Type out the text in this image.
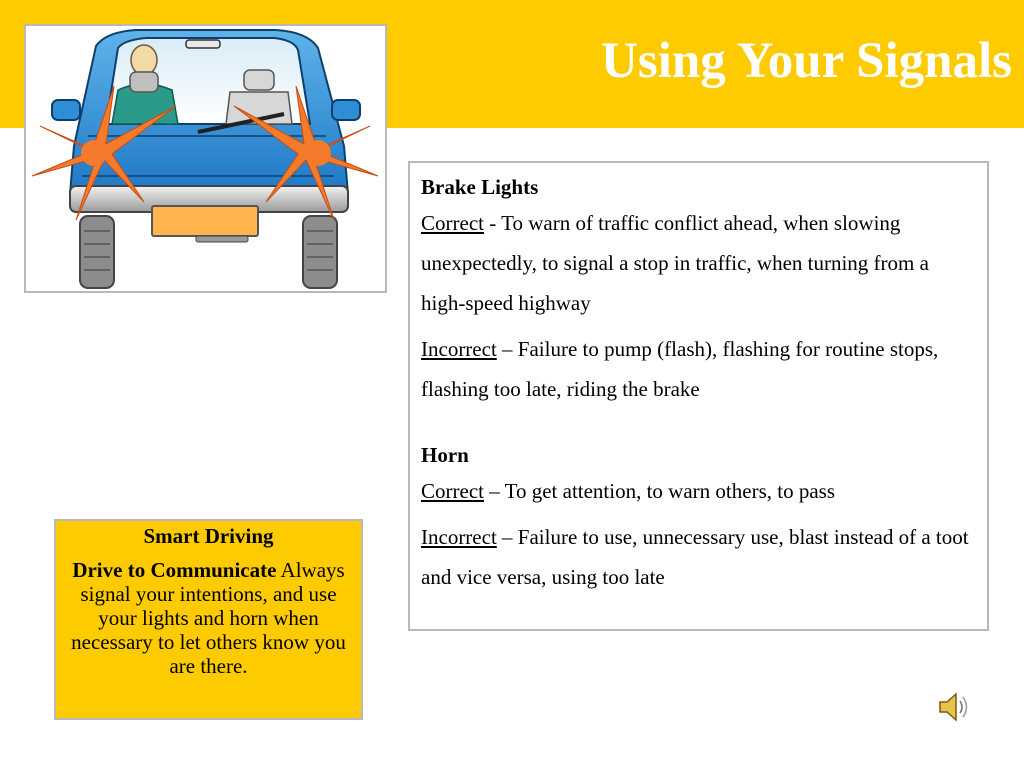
Using Your Signals

Brake Lights

Correct - To warn of traffic conflict ahead, when slowing unexpectedly, to signal a stop in traffic, when turning from a high-speed highway

Incorrect – Failure to pump (flash), flashing for routine stops, flashing too late, riding the brake

Horn

Correct – To get attention, to warn others, to pass

Incorrect – Failure to use, unnecessary use, blast instead of a toot and vice versa, using too late

Smart Driving

Drive to Communicate Always signal your intentions, and use your lights and horn when necessary to let others know you are there.
